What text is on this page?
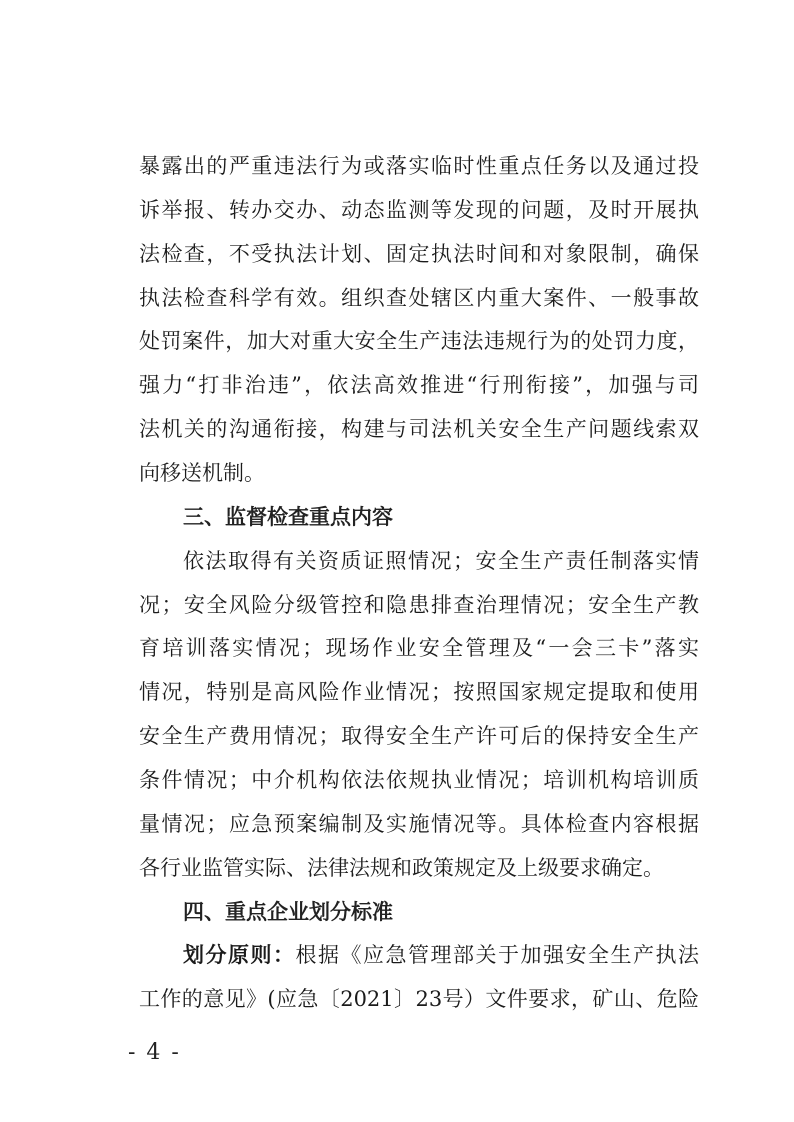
暴露出的严重违法行为或落实临时性重点任务以及通过投
诉举报、转办交办、动态监测等发现的问题，及时开展执
法检查，不受执法计划、固定执法时间和对象限制，确保
执法检查科学有效。组织查处辖区内重大案件、一般事故
处罚案件，加大对重大安全生产违法违规行为的处罚力度，
强力“打非治违”，依法高效推进“行刑衔接”，加强与司
法机关的沟通衔接，构建与司法机关安全生产问题线索双
向移送机制。
三、监督检查重点内容
依法取得有关资质证照情况；安全生产责任制落实情
况；安全风险分级管控和隐患排查治理情况；安全生产教
育培训落实情况；现场作业安全管理及“一会三卡”落实
情况，特别是高风险作业情况；按照国家规定提取和使用
安全生产费用情况；取得安全生产许可后的保持安全生产
条件情况；中介机构依法依规执业情况；培训机构培训质
量情况；应急预案编制及实施情况等。具体检查内容根据
各行业监管实际、法律法规和政策规定及上级要求确定。
四、重点企业划分标准
划分原则：根据《应急管理部关于加强安全生产执法
工作的意见》(应急〔2021〕23号）文件要求，矿山、危险
- 4 -
